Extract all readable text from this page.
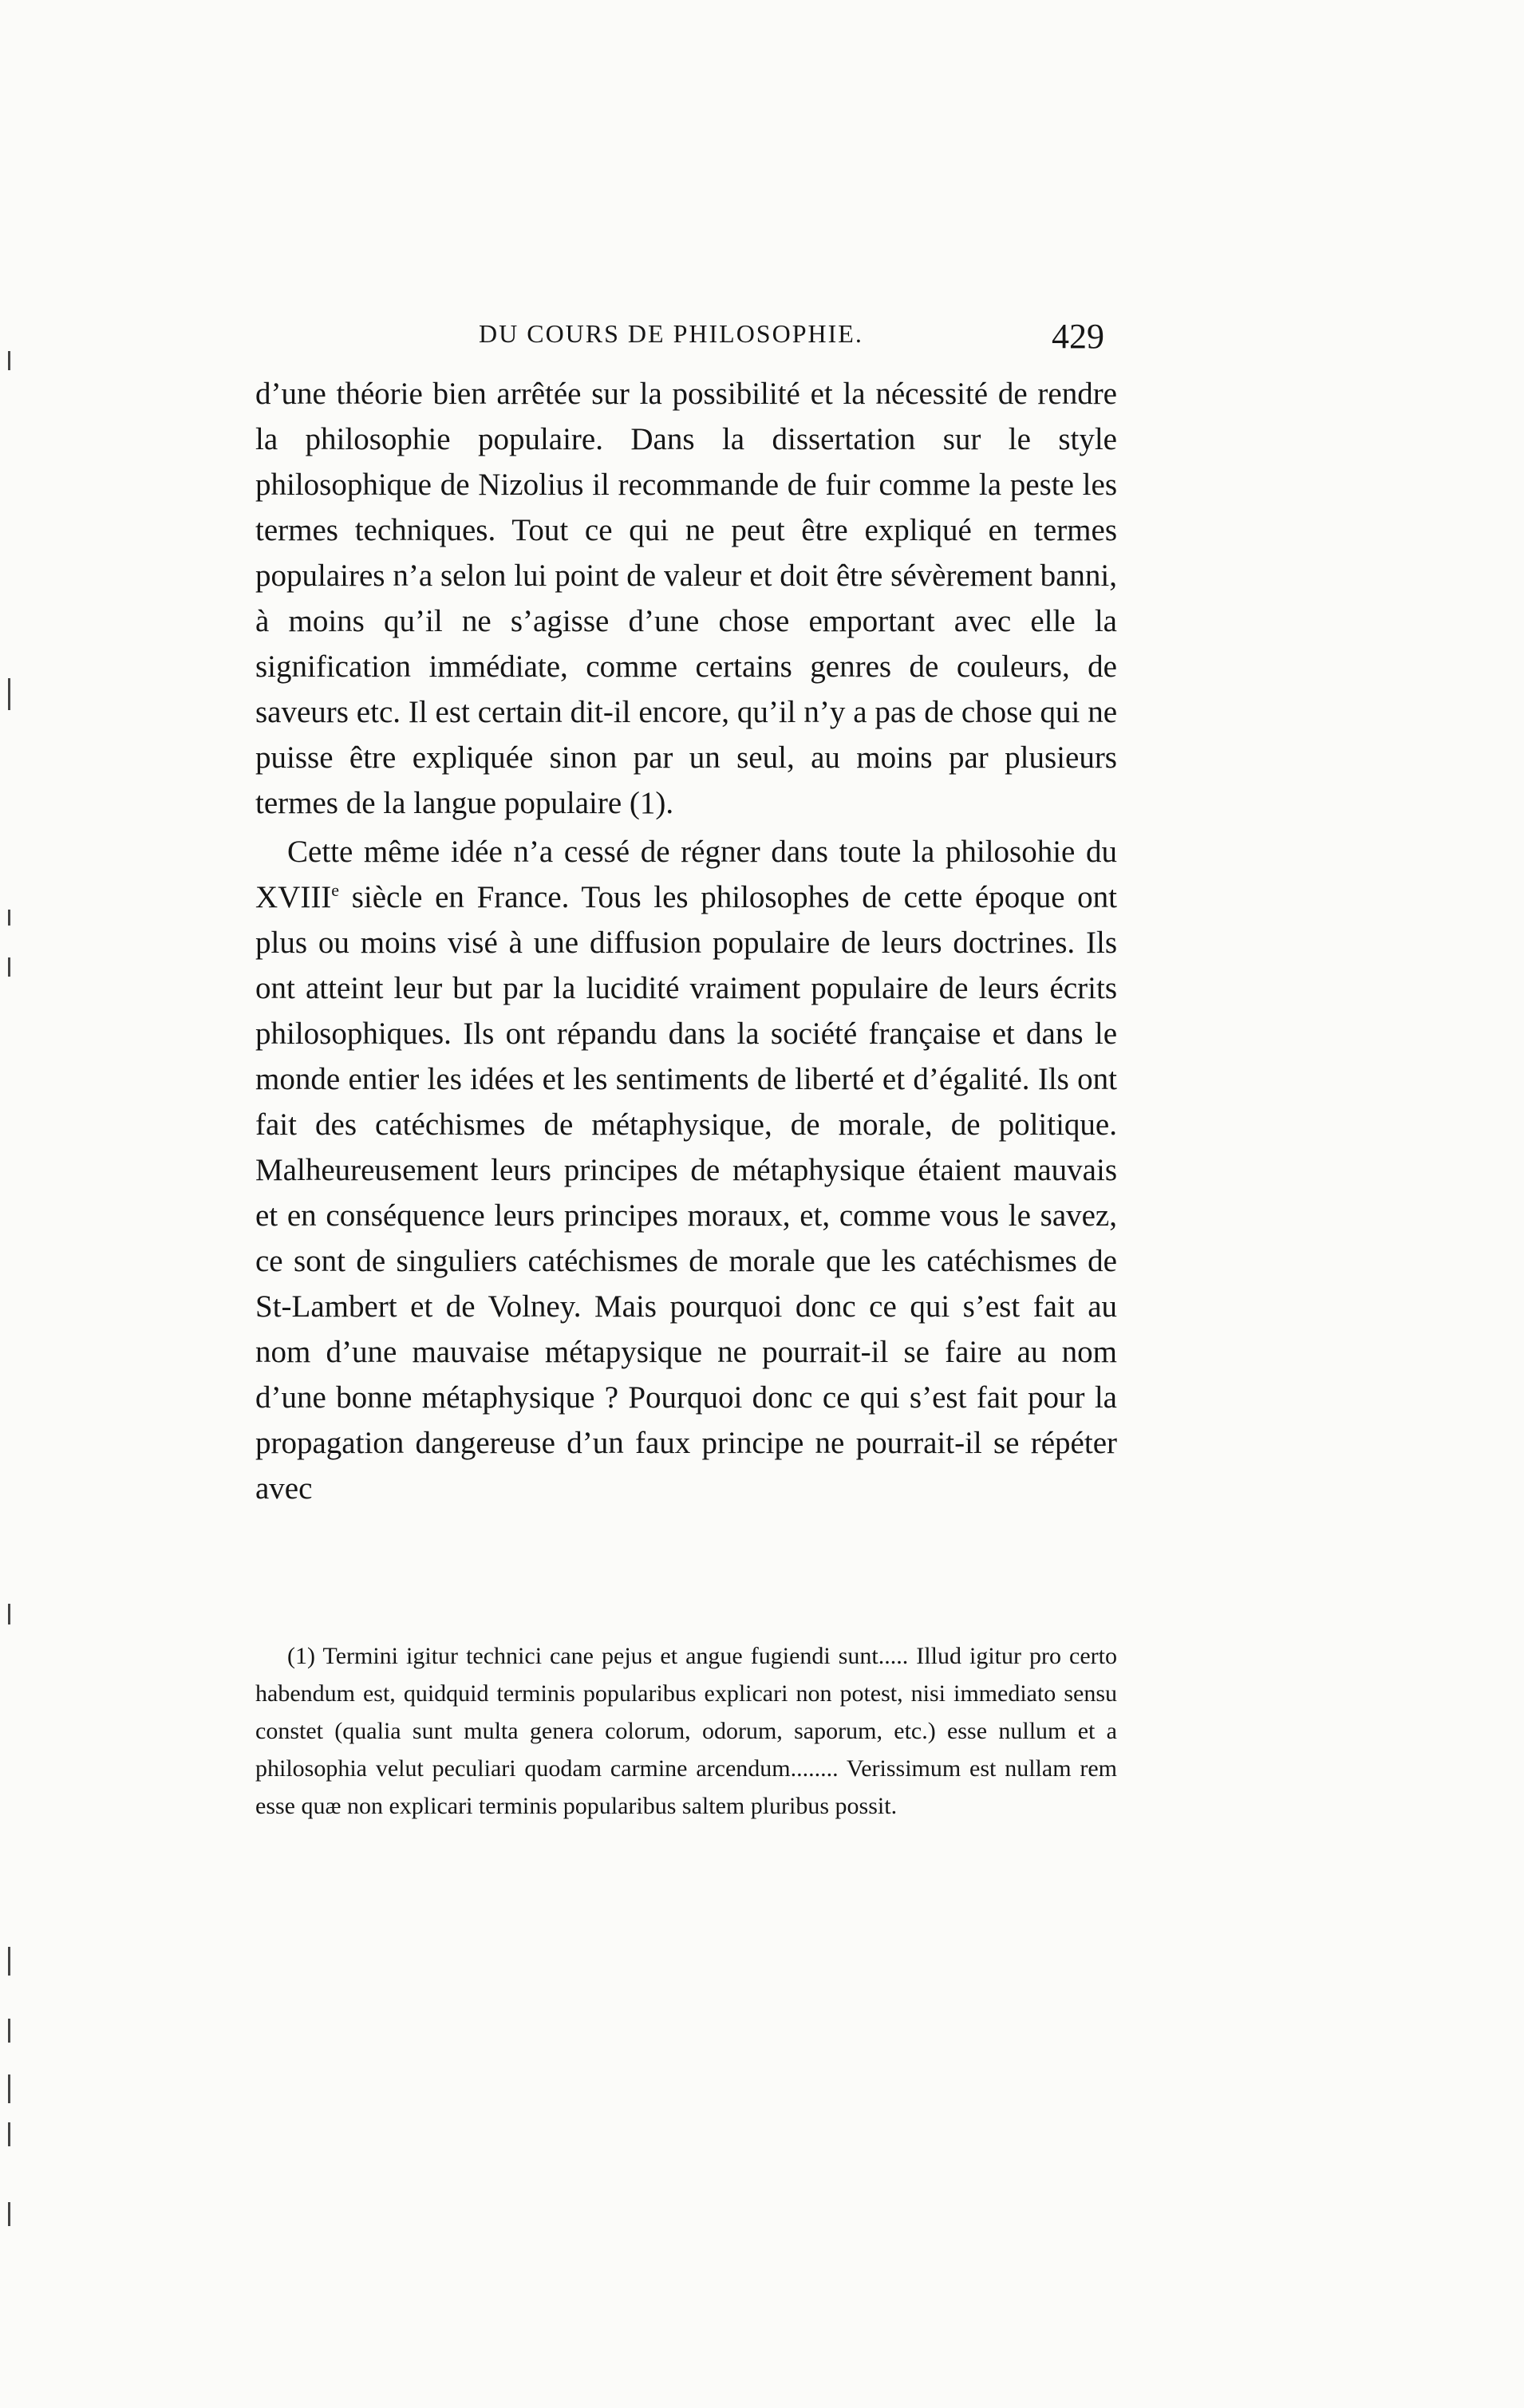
DU COURS DE PHILOSOPHIE.	429

d’une théorie bien arrêtée sur la possibilité et la nécessité de rendre la philosophie populaire. Dans la dissertation sur le style philosophique de Nizolius il recommande de fuir comme la peste les termes techniques. Tout ce qui ne peut être expliqué en termes populaires n’a selon lui point de valeur et doit être sévèrement banni, à moins qu’il ne s’agisse d’une chose emportant avec elle la signification immédiate, comme certains genres de couleurs, de saveurs etc. Il est certain dit-il encore, qu’il n’y a pas de chose qui ne puisse être expliquée sinon par un seul, au moins par plusieurs termes de la langue populaire (1).

Cette même idée n’a cessé de régner dans toute la philosohie du XVIIIe siècle en France. Tous les philosophes de cette époque ont plus ou moins visé à une diffusion populaire de leurs doctrines. Ils ont atteint leur but par la lucidité vraiment populaire de leurs écrits philosophiques. Ils ont répandu dans la société française et dans le monde entier les idées et les sentiments de liberté et d’égalité. Ils ont fait des catéchismes de métaphysique, de morale, de politique. Malheureusement leurs principes de métaphysique étaient mauvais et en conséquence leurs principes moraux, et, comme vous le savez, ce sont de singuliers catéchismes de morale que les catéchismes de St-Lambert et de Volney. Mais pourquoi donc ce qui s’est fait au nom d’une mauvaise métapysique ne pourrait-il se faire au nom d’une bonne métaphysique ? Pourquoi donc ce qui s’est fait pour la propagation dangereuse d’un faux principe ne pourrait-il se répéter avec

(1) Termini igitur technici cane pejus et angue fugiendi sunt..... Illud igitur pro certo habendum est, quidquid terminis popularibus explicari non potest, nisi immediato sensu constet (qualia sunt multa genera colorum, odorum, saporum, etc.) esse nullum et a philosophia velut peculiari quodam carmine arcendum........ Verissimum est nullam rem esse quæ non explicari terminis popularibus saltem pluribus possit.
